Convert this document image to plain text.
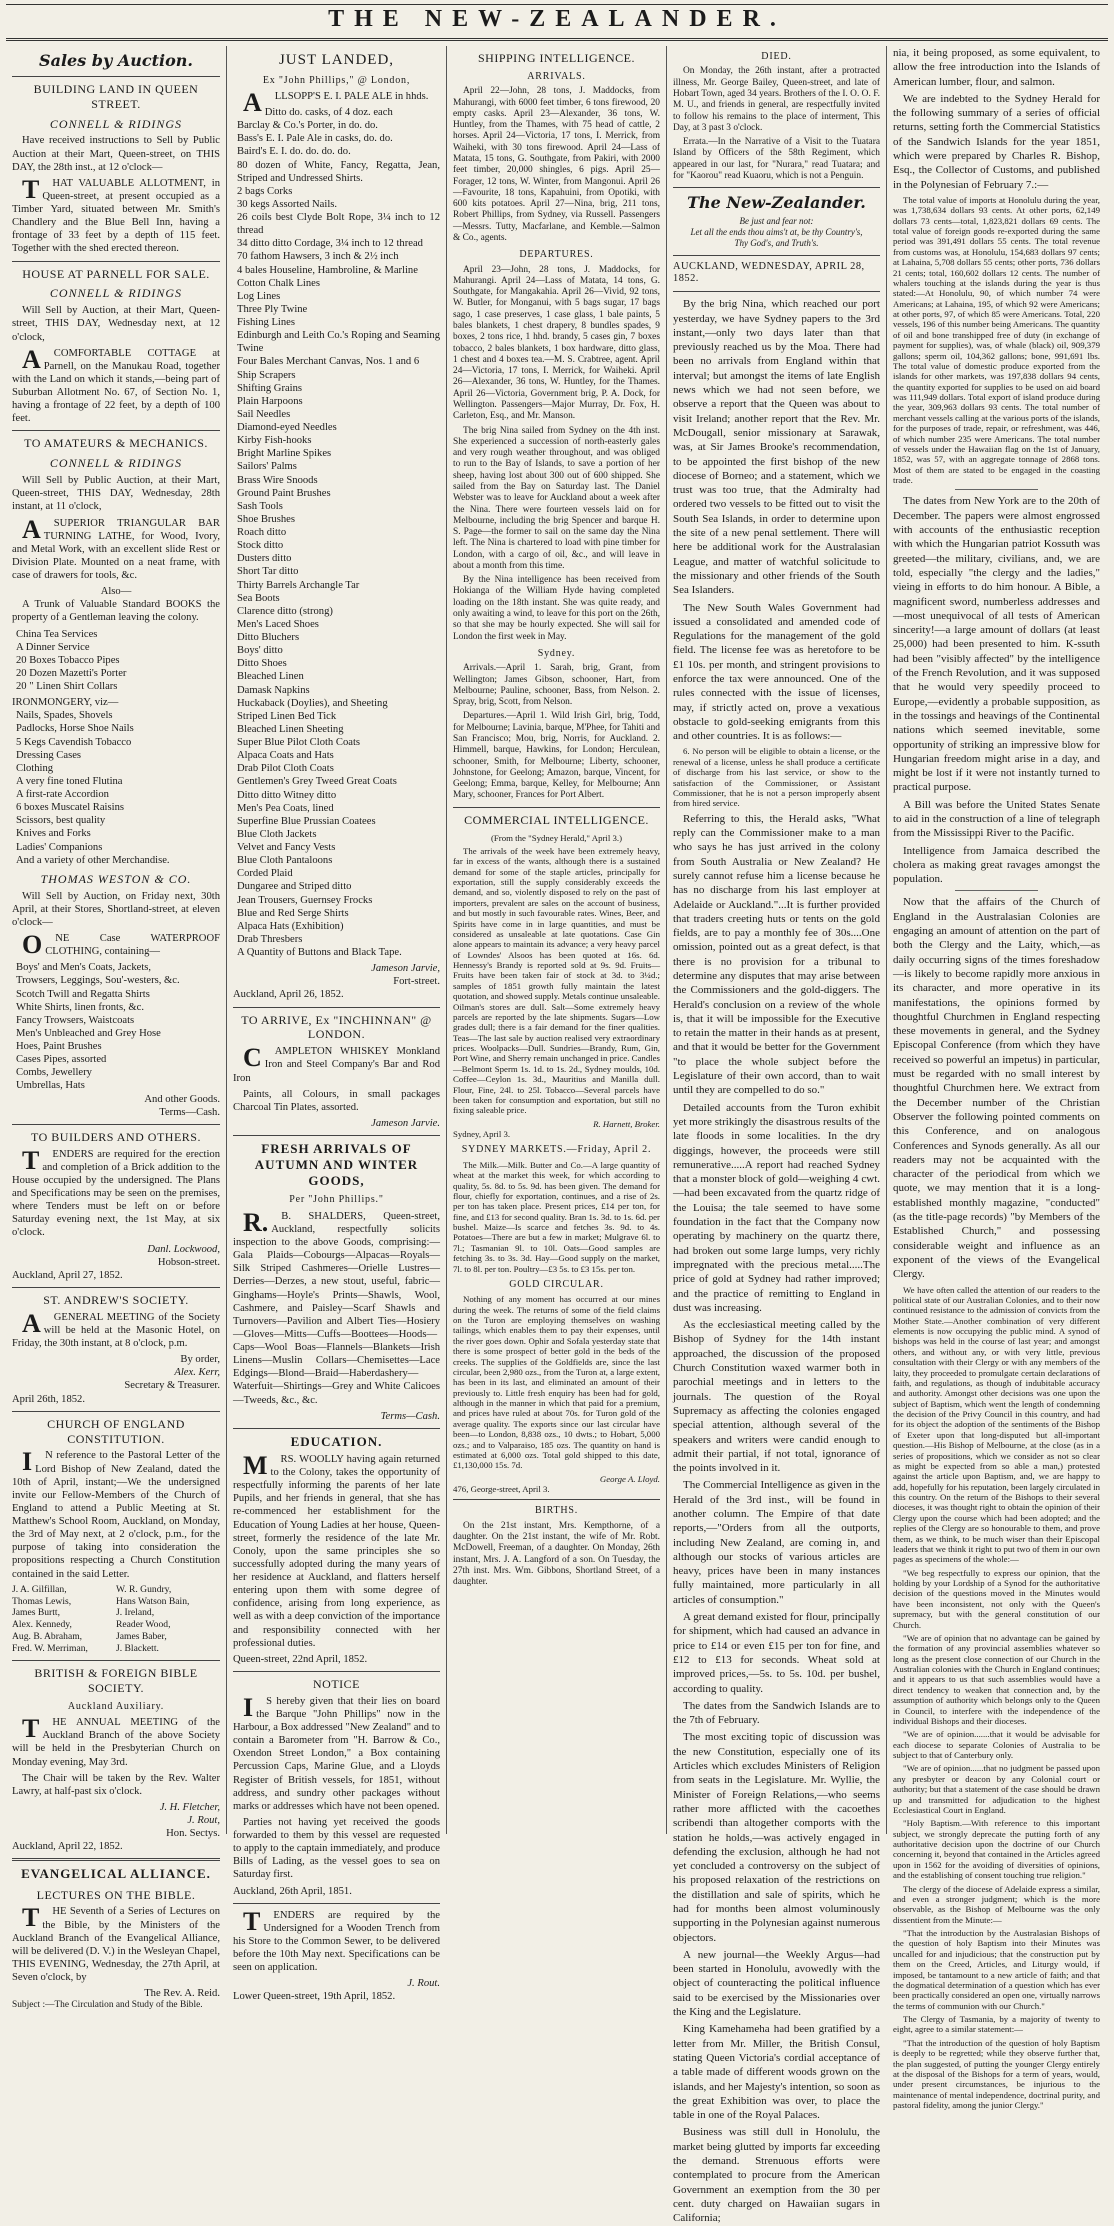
THE NEW-ZEALANDER.
Sales by Auction.
BUILDING LAND IN QUEEN STREET.
CONNELL & RIDINGS

Have received instructions to Sell by Public Auction at their Mart, Queen-street, on THIS DAY, the 28th inst., at 12 o'clock—

THAT VALUABLE ALLOTMENT, in Queen-street, at present occupied as a Timber Yard, situated between Mr. Smith's Chandlery and the Blue Bell Inn, having a frontage of 33 feet by a depth of 115 feet. Together with the shed erected thereon.

HOUSE AT PARNELL FOR SALE.
CONNELL & RIDINGS

Will Sell by Auction, at their Mart, Queen-street, THIS DAY, Wednesday next, at 12 o'clock,

ACOMFORTABLE COTTAGE at Parnell, on the Manukau Road, together with the Land on which it stands,—being part of Suburban Allotment No. 67, of Section No. 1, having a frontage of 22 feet, by a depth of 100 feet.

TO AMATEURS & MECHANICS.
CONNELL & RIDINGS

Will Sell by Public Auction, at their Mart, Queen-street, THIS DAY, Wednesday, 28th instant, at 11 o'clock,

ASUPERIOR TRIANGULAR BAR TURNING LATHE, for Wood, Ivory, and Metal Work, with an excellent slide Rest or Division Plate. Mounted on a neat frame, with case of drawers for tools, &c.

Also—

A Trunk of Valuable Standard BOOKS the property of a Gentleman leaving the colony.

China Tea Services
A Dinner Service
20 Boxes Tobacco Pipes
20 Dozen Mazetti's Porter
20 " Linen Shirt Collars
IRONMONGERY, viz—
Nails, Spades, Shovels
Padlocks, Horse Shoe Nails
5 Kegs Cavendish Tobacco
Dressing Cases
Clothing
A very fine toned Flutina
A first-rate Accordion
6 boxes Muscatel Raisins
Scissors, best quality
Knives and Forks
Ladies' Companions
And a variety of other Merchandise.
THOMAS WESTON & CO.

Will Sell by Auction, on Friday next, 30th April, at their Stores, Shortland-street, at eleven o'clock—

ONE Case WATERPROOF CLOTHING, containing—

Boys' and Men's Coats, Jackets,
Trowsers, Leggings, Sou'-westers, &c.
Scotch Twill and Regatta Shirts
White Shirts, linen fronts, &c.
Fancy Trowsers, Waistcoats
Men's Unbleached and Grey Hose
Hoes, Paint Brushes
Cases Pipes, assorted
Combs, Jewellery
Umbrellas, Hats
And other Goods.
Terms—Cash.
TO BUILDERS AND OTHERS.

TENDERS are required for the erection and completion of a Brick addition to the House occupied by the undersigned. The Plans and Specifications may be seen on the premises, where Tenders must be left on or before Saturday evening next, the 1st May, at six o'clock.

Danl. Lockwood,
Hobson-street.
Auckland, April 27, 1852.
ST. ANDREW'S SOCIETY.

AGENERAL MEETING of the Society will be held at the Masonic Hotel, on Friday, the 30th instant, at 8 o'clock, p.m.

By order,
Alex. Kerr,
Secretary & Treasurer.
April 26th, 1852.
CHURCH OF ENGLAND CONSTITUTION.

IN reference to the Pastoral Letter of the Lord Bishop of New Zealand, dated the 10th of April, instant;—We the undersigned invite our Fellow-Members of the Church of England to attend a Public Meeting at St. Matthew's School Room, Auckland, on Monday, the 3rd of May next, at 2 o'clock, p.m., for the purpose of taking into consideration the propositions respecting a Church Constitution contained in the said Letter.

J. A. Gilfillan,	W. R. Gundry,
Thomas Lewis,	Hans Watson Bain,
James Burtt,	J. Ireland,
Alex. Kennedy,	Reader Wood,
Aug. B. Abraham,	James Baber,
Fred. W. Merriman,	J. Blackett.
BRITISH & FOREIGN BIBLE SOCIETY.
Auckland Auxiliary.

THE ANNUAL MEETING of the Auckland Branch of the above Society will be held in the Presbyterian Church on Monday evening, May 3rd.

The Chair will be taken by the Rev. Walter Lawry, at half-past six o'clock.

J. H. Fletcher,
J. Rout,
Hon. Sectys.
Auckland, April 22, 1852.
EVANGELICAL ALLIANCE.
LECTURES ON THE BIBLE.

THE Seventh of a Series of Lectures on the Bible, by the Ministers of the Auckland Branch of the Evangelical Alliance, will be delivered (D. V.) in the Wesleyan Chapel, THIS EVENING, Wednesday, the 27th April, at Seven o'clock, by

The Rev. A. Reid.
Subject :—The Circulation and Study of the Bible.
JUST LANDED,
Ex "John Phillips," @ London,

ALLSOPP'S E. I. PALE ALE in hhds.

Ditto do. casks, of 4 doz. each
Barclay & Co.'s Porter, in do. do.
Bass's E. I. Pale Ale in casks, do. do.
Baird's E. I. do. do. do. do.
80 dozen of White, Fancy, Regatta, Jean, Striped and Undressed Shirts.
2 bags Corks
30 kegs Assorted Nails.
26 coils best Clyde Bolt Rope, 3¼ inch to 12 thread
34 ditto ditto Cordage, 3¼ inch to 12 thread
70 fathom Hawsers, 3 inch & 2½ inch
4 bales Houseline, Hambroline, & Marline
Cotton Chalk Lines
Log Lines
Three Ply Twine
Fishing Lines
Edinburgh and Leith Co.'s Roping and Seaming Twine
Four Bales Merchant Canvas, Nos. 1 and 6
Ship Scrapers
Shifting Grains
Plain Harpoons
Sail Needles
Diamond-eyed Needles
Kirby Fish-hooks
Bright Marline Spikes
Sailors' Palms
Brass Wire Snoods
Ground Paint Brushes
Sash Tools
Shoe Brushes
Roach ditto
Stock ditto
Dusters ditto
Short Tar ditto
Thirty Barrels Archangle Tar
Sea Boots
Clarence ditto (strong)
Men's Laced Shoes
Ditto Bluchers
Boys' ditto
Ditto Shoes
Bleached Linen
Damask Napkins
Huckaback (Doylies), and Sheeting
Striped Linen Bed Tick
Bleached Linen Sheeting
Super Blue Pilot Cloth Coats
Alpaca Coats and Hats
Drab Pilot Cloth Coats
Gentlemen's Grey Tweed Great Coats
Ditto ditto Witney ditto
Men's Pea Coats, lined
Superfine Blue Prussian Coatees
Blue Cloth Jackets
Velvet and Fancy Vests
Blue Cloth Pantaloons
Corded Plaid
Dungaree and Striped ditto
Jean Trousers, Guernsey Frocks
Blue and Red Serge Shirts
Alpaca Hats (Exhibition)
Drab Thresbers
A Quantity of Buttons and Black Tape.
Jameson Jarvie,
Fort-street.
Auckland, April 26, 1852.
TO ARRIVE, Ex "INCHINNAN" @ LONDON.

CAMPLETON WHISKEY Monkland Iron and Steel Company's Bar and Rod Iron

Paints, all Colours, in small packages Charcoal Tin Plates, assorted.

Jameson Jarvie.
FRESH ARRIVALS OF AUTUMN AND WINTER GOODS,
Per "John Phillips."

R.B. SHALDERS, Queen-street, Auckland, respectfully solicits inspection to the above Goods, comprising:—Gala Plaids—Cobourgs—Alpacas—Royals—Silk Striped Cashmeres—Orielle Lustres—Derries—Derzes, a new stout, useful, fabric—Ginghams—Hoyle's Prints—Shawls, Wool, Cashmere, and Paisley—Scarf Shawls and Turnovers—Pavilion and Albert Ties—Hosiery—Gloves—Mitts—Cuffs—Boottees—Hoods—Caps—Wool Boas—Flannels—Blankets—Irish Linens—Muslin Collars—Chemisettes—Lace Edgings—Blond—Braid—Haberdashery—Waterfuit—Shirtings—Grey and White Calicoes—Tweeds, &c., &c.

Terms—Cash.
EDUCATION.

MRS. WOOLLY having again returned to the Colony, takes the opportunity of respectfully informing the parents of her late Pupils, and her friends in general, that she has re-commenced her establishment for the Education of Young Ladies at her house, Queen-street, formerly the residence of the late Mr. Conoly, upon the same principles she so successfully adopted during the many years of her residence at Auckland, and flatters herself entering upon them with some degree of confidence, arising from long experience, as well as with a deep conviction of the importance and responsibility connected with her professional duties.

Queen-street, 22nd April, 1852.
NOTICE

IS hereby given that their lies on board the Barque "John Phillips" now in the Harbour, a Box addressed "New Zealand" and to contain a Barometer from "H. Barrow & Co., Oxendon Street London," a Box containing Percussion Caps, Marine Glue, and a Lloyds Register of British vessels, for 1851, without address, and sundry other packages without marks or addresses which have not been opened.

Parties not having yet received the goods forwarded to them by this vessel are requested to apply to the captain immediately, and produce Bills of Lading, as the vessel goes to sea on Saturday first.

Auckland, 26th April, 1851.

TENDERS are required by the Undersigned for a Wooden Trench from his Store to the Common Sewer, to be delivered before the 10th May next. Specifications can be seen on application.

J. Rout.
Lower Queen-street, 19th April, 1852.
SHIPPING INTELLIGENCE.
ARRIVALS.

April 22—John, 28 tons, J. Maddocks, from Mahurangi, with 6000 feet timber, 6 tons firewood, 20 empty casks. April 23—Alexander, 36 tons, W. Huntley, from the Thames, with 75 head of cattle, 2 horses. April 24—Victoria, 17 tons, I. Merrick, from Waiheki, with 30 tons firewood. April 24—Lass of Matata, 15 tons, G. Southgate, from Pakiri, with 2000 feet timber, 20,000 shingles, 6 pigs. April 25—Forager, 12 tons, W. Winter, from Mangonui. April 26—Favourite, 18 tons, Kapahuini, from Opotiki, with 600 kits potatoes. April 27—Nina, brig, 211 tons, Robert Phillips, from Sydney, via Russell. Passengers—Messrs. Tutty, Macfarlane, and Kemble.—Salmon & Co., agents.

DEPARTURES.

April 23—John, 28 tons, J. Maddocks, for Mahurangi. April 24—Lass of Matata, 14 tons, G. Southgate, for Mangakahia. April 26—Vivid, 92 tons, W. Butler, for Monganui, with 5 bags sugar, 17 bags sago, 1 case preserves, 1 case glass, 1 bale paints, 5 bales blankets, 1 chest drapery, 8 bundles spades, 9 boxes, 2 tons rice, 1 hhd. brandy, 5 cases gin, 7 boxes tobacco, 2 bales blankets, 1 box hardware, ditto glass, 1 chest and 4 boxes tea.—M. S. Crabtree, agent. April 24—Victoria, 17 tons, I. Merrick, for Waiheki. April 26—Alexander, 36 tons, W. Huntley, for the Thames. April 26—Victoria, Government brig, P. A. Dock, for Wellington. Passengers—Major Murray, Dr. Fox, H. Carleton, Esq., and Mr. Manson.

The brig Nina sailed from Sydney on the 4th inst. She experienced a succession of north-easterly gales and very rough weather throughout, and was obliged to run to the Bay of Islands, to save a portion of her sheep, having lost about 300 out of 600 shipped. She sailed from the Bay on Saturday last. The Daniel Webster was to leave for Auckland about a week after the Nina. There were fourteen vessels laid on for Melbourne, including the brig Spencer and barque H. S. Page—the former to sail on the same day the Nina left. The Nina is chartered to load with pine timber for London, with a cargo of oil, &c., and will leave in about a month from this time.

By the Nina intelligence has been received from Hokianga of the William Hyde having completed loading on the 18th instant. She was quite ready, and only awaiting a wind, to leave for this port on the 26th, so that she may be hourly expected. She will sail for London the first week in May.

Sydney.

Arrivals.—April 1. Sarah, brig, Grant, from Wellington; James Gibson, schooner, Hart, from Melbourne; Pauline, schooner, Bass, from Nelson. 2. Spray, brig, Scott, from Nelson.

Departures.—April 1. Wild Irish Girl, brig, Todd, for Melbourne; Lavinia, barque, M'Phee, for Tahiti and San Francisco; Mou, brig, Norris, for Auckland. 2. Himmell, barque, Hawkins, for London; Herculean, schooner, Smith, for Melbourne; Liberty, schooner, Johnstone, for Geelong; Amazon, barque, Vincent, for Geelong; Emma, barque, Kelley, for Melbourne; Ann Mary, schooner, Frances for Port Albert.

COMMERCIAL INTELLIGENCE.
(From the "Sydney Herald," April 3.)

The arrivals of the week have been extremely heavy, far in excess of the wants, although there is a sustained demand for some of the staple articles, principally for exportation, still the supply considerably exceeds the demand, and so, violently disposed to rely on the past of importers, prevalent are sales on the account of business, and but mostly in such favourable rates. Wines, Beer, and Spirits have come in in large quantities, and must be considered as unsaleable at late quotations. Case Gin alone appears to maintain its advance; a very heavy parcel of Lowndes' Alsoos has been quoted at 16s. 6d. Hennessy's Brandy is reported sold at 9s. 9d. Fruits—Fruits have been taken fair of stock at 3d. to 3¼d.; samples of 1851 growth fully maintain the latest quotation, and showed supply. Metals continue unsaleable. Oilman's stores are dull. Salt—Some extremely heavy parcels are reported by the late shipments. Sugars—Low grades dull; there is a fair demand for the finer qualities. Teas—The last sale by auction realised very extraordinary prices. Woolpacks—Dull. Sundries—Brandy, Rum, Gin, Port Wine, and Sherry remain unchanged in price. Candles—Belmont Sperm 1s. 1d. to 1s. 2d., Sydney moulds, 10d. Coffee—Ceylon 1s. 3d., Mauritius and Manilla dull. Flour, Fine, 24l. to 25l. Tobacco—Several parcels have been taken for consumption and exportation, but still no fixing saleable price.

R. Harnett, Broker.
Sydney, April 3.
SYDNEY MARKETS.—Friday, April 2.

The Milk.—Milk. Butter and Co.—A large quantity of wheat at the market this week, for which according to quality, 5s. 8d. to 5s. 9d. has been given. The demand for flour, chiefly for exportation, continues, and a rise of 2s. per ton has taken place. Present prices, £14 per ton, for fine, and £13 for second quality. Bran 1s. 3d. to 1s. 6d. per bushel. Maize—Is scarce and fetches 3s. 9d. to 4s. Potatoes—There are but a few in market; Mulgrave 6l. to 7l.; Tasmanian 9l. to 10l. Oats—Good samples are fetching 3s. to 3s. 3d. Hay—Good supply on the market, 7l. to 8l. per ton. Poultry—£3 5s. to £3 15s. per ton.

GOLD CIRCULAR.

Nothing of any moment has occurred at our mines during the week. The returns of some of the field claims on the Turon are employing themselves on washing tailings, which enables them to pay their expenses, until the river goes down. Ophir and Sofala yesterday state that there is some prospect of better gold in the beds of the creeks. The supplies of the Goldfields are, since the last circular, been 2,980 ozs., from the Turon at, a large extent, has been in its last, and eliminated an amount of their previously to. Little fresh enquiry has been had for gold, although in the manner in which that paid for a premium, and prices have ruled at about 70s. for Turon gold of the average quality. The exports since our last circular have been—to London, 8,838 ozs., 10 dwts.; to Hobart, 5,000 ozs.; and to Valparaiso, 185 ozs. The quantity on hand is estimated at 6,000 ozs. Total gold shipped to this date, £1,130,000 15s. 7d.

George A. Lloyd.
476, George-street, April 3.
BIRTHS.

On the 21st instant, Mrs. Kempthorne, of a daughter. On the 21st instant, the wife of Mr. Robt. McDowell, Freeman, of a daughter. On Monday, 26th instant, Mrs. J. A. Langford of a son. On Tuesday, the 27th inst. Mrs. Wm. Gibbons, Shortland Street, of a daughter.

DIED.

On Monday, the 26th instant, after a protracted illness, Mr. George Bailey, Queen-street, and late of Hobart Town, aged 34 years. Brothers of the I. O. O. F. M. U., and friends in general, are respectfully invited to follow his remains to the place of interment, This Day, at 3 past 3 o'clock.

Errata.—In the Narrative of a Visit to the Tuatara Island by Officers of the 58th Regiment, which appeared in our last, for "Nurara," read Tuatara; and for "Kaorou" read Kuaoru, which is not a Penguin.

The New-Zealander.
Be just and fear not:
Let all the ends thou aims't at, be thy Country's,
Thy God's, and Truth's.
AUCKLAND, WEDNESDAY, APRIL 28, 1852.

By the brig Nina, which reached our port yesterday, we have Sydney papers to the 3rd instant,—only two days later than that previously reached us by the Moa. There had been no arrivals from England within that interval; but amongst the items of late English news which we had not seen before, we observe a report that the Queen was about to visit Ireland; another report that the Rev. Mr. McDougall, senior missionary at Sarawak, was, at Sir James Brooke's recommendation, to be appointed the first bishop of the new diocese of Borneo; and a statement, which we trust was too true, that the Admiralty had ordered two vessels to be fitted out to visit the South Sea Islands, in order to determine upon the site of a new penal settlement. There will here be additional work for the Australasian League, and matter of watchful solicitude to the missionary and other friends of the South Sea Islanders.

The New South Wales Government had issued a consolidated and amended code of Regulations for the management of the gold field. The license fee was as heretofore to be £1 10s. per month, and stringent provisions to enforce the tax were announced. One of the rules connected with the issue of licenses, may, if strictly acted on, prove a vexatious obstacle to gold-seeking emigrants from this and other countries. It is as follows:—

6. No person will be eligible to obtain a license, or the renewal of a license, unless he shall produce a certificate of discharge from his last service, or show to the satisfaction of the Commissioner, or Assistant Commissioner, that he is not a person improperly absent from hired service.

Referring to this, the Herald asks, "What reply can the Commissioner make to a man who says he has just arrived in the colony from South Australia or New Zealand? He surely cannot refuse him a license because he has no discharge from his last employer at Adelaide or Auckland."...It is further provided that traders creeting huts or tents on the gold fields, are to pay a monthly fee of 30s....One omission, pointed out as a great defect, is that there is no provision for a tribunal to determine any disputes that may arise between the Commissioners and the gold-diggers. The Herald's conclusion on a review of the whole is, that it will be impossible for the Executive to retain the matter in their hands as at present, and that it would be better for the Government "to place the whole subject before the Legislature of their own accord, than to wait until they are compelled to do so."

Detailed accounts from the Turon exhibit yet more strikingly the disastrous results of the late floods in some localities. In the dry diggings, however, the proceeds were still remunerative.....A report had reached Sydney that a monster block of gold—weighing 4 cwt.—had been excavated from the quartz ridge of the Louisa; the tale seemed to have some foundation in the fact that the Company now operating by machinery on the quartz there, had broken out some large lumps, very richly impregnated with the precious metal.....The price of gold at Sydney had rather improved; and the practice of remitting to England in dust was increasing.

As the ecclesiastical meeting called by the Bishop of Sydney for the 14th instant approached, the discussion of the proposed Church Constitution waxed warmer both in parochial meetings and in letters to the journals. The question of the Royal Supremacy as affecting the colonies engaged special attention, although several of the speakers and writers were candid enough to admit their partial, if not total, ignorance of the points involved in it.

The Commercial Intelligence as given in the Herald of the 3rd inst., will be found in another column. The Empire of that date reports,—"Orders from all the outports, including New Zealand, are coming in, and although our stocks of various articles are heavy, prices have been in many instances fully maintained, more particularly in all articles of consumption."

A great demand existed for flour, principally for shipment, which had caused an advance in price to £14 or even £15 per ton for fine, and £12 to £13 for seconds. Wheat sold at improved prices,—5s. to 5s. 10d. per bushel, according to quality.

The dates from the Sandwich Islands are to the 7th of February.

The most exciting topic of discussion was the new Constitution, especially one of its Articles which excludes Ministers of Religion from seats in the Legislature. Mr. Wyllie, the Minister of Foreign Relations,—who seems rather more afflicted with the cacoethes scribendi than altogether comports with the station he holds,—was actively engaged in defending the exclusion, although he had not yet concluded a controversy on the subject of his proposed relaxation of the restrictions on the distillation and sale of spirits, which he had for months been almost voluminously supporting in the Polynesian against numerous objectors.

A new journal—the Weekly Argus—had been started in Honolulu, avowedly with the object of counteracting the political influence said to be exercised by the Missionaries over the King and the Legislature.

King Kamehameha had been gratified by a letter from Mr. Miller, the British Consul, stating Queen Victoria's cordial acceptance of a table made of different woods grown on the islands, and her Majesty's intention, so soon as the great Exhibition was over, to place the table in one of the Royal Palaces.

Business was still dull in Honolulu, the market being glutted by imports far exceeding the demand. Strenuous efforts were contemplated to procure from the American Government an exemption from the 30 per cent. duty charged on Hawaiian sugars in California;

nia, it being proposed, as some equivalent, to allow the free introduction into the Islands of American lumber, flour, and salmon.

We are indebted to the Sydney Herald for the following summary of a series of official returns, setting forth the Commercial Statistics of the Sandwich Islands for the year 1851, which were prepared by Charles R. Bishop, Esq., the Collector of Customs, and published in the Polynesian of February 7.:—

The total value of imports at Honolulu during the year, was 1,738,634 dollars 93 cents. At other ports, 62,149 dollars 73 cents—total, 1,823,821 dollars 69 cents. The total value of foreign goods re-exported during the same period was 391,491 dollars 55 cents. The total revenue from customs was, at Honolulu, 154,683 dollars 97 cents; at Lahaina, 5,708 dollars 55 cents; other ports, 736 dollars 21 cents; total, 160,602 dollars 12 cents. The number of whalers touching at the islands during the year is thus stated:—At Honolulu, 90, of which number 74 were Americans; at Lahaina, 195, of which 92 were Americans; at other ports, 97, of which 85 were Americans. Total, 220 vessels, 196 of this number being Americans. The quantity of oil and bone transhipped free of duty (in exchange of payment for supplies), was, of whale (black) oil, 909,379 gallons; sperm oil, 104,362 gallons; bone, 991,691 lbs. The total value of domestic produce exported from the islands for other markets, was 197,838 dollars 94 cents, the quantity exported for supplies to be used on aid board was 111,949 dollars. Total export of island produce during the year, 309,963 dollars 93 cents. The total number of merchant vessels calling at the various ports of the islands, for the purposes of trade, repair, or refreshment, was 446, of which number 235 were Americans. The total number of vessels under the Hawaiian flag on the 1st of January, 1852, was 57, with an aggregate tonnage of 2868 tons. Most of them are stated to be engaged in the coasting trade.

The dates from New York are to the 20th of December. The papers were almost engrossed with accounts of the enthusiastic reception with which the Hungarian patriot Kossuth was greeted—the military, civilians, and, we are told, especially "the clergy and the ladies," vieing in efforts to do him honour. A Bible, a magnificent sword, numberless addresses and—most unequivocal of all tests of American sincerity!—a large amount of dollars (at least 25,000) had been presented to him. K-ssuth had been "visibly affected" by the intelligence of the French Revolution, and it was supposed that he would very speedily proceed to Europe,—evidently a probable supposition, as in the tossings and heavings of the Continental nations which seemed inevitable, some opportunity of striking an impressive blow for Hungarian freedom might arise in a day, and might be lost if it were not instantly turned to practical purpose.

A Bill was before the United States Senate to aid in the construction of a line of telegraph from the Mississippi River to the Pacific.

Intelligence from Jamaica described the cholera as making great ravages amongst the population.

Now that the affairs of the Church of England in the Australasian Colonies are engaging an amount of attention on the part of both the Clergy and the Laity, which,—as daily occurring signs of the times foreshadow—is likely to become rapidly more anxious in its character, and more operative in its manifestations, the opinions formed by thoughtful Churchmen in England respecting these movements in general, and the Sydney Episcopal Conference (from which they have received so powerful an impetus) in particular, must be regarded with no small interest by thoughtful Churchmen here. We extract from the December number of the Christian Observer the following pointed comments on this Conference, and on analogous Conferences and Synods generally. As all our readers may not be acquainted with the character of the periodical from which we quote, we may mention that it is a long-established monthly magazine, "conducted" (as the title-page records) "by Members of the Established Church," and possessing considerable weight and influence as an exponent of the views of the Evangelical Clergy.

We have often called the attention of our readers to the political state of our Australian Colonies, and to their now continued resistance to the admission of convicts from the Mother State.—Another combination of very different elements is now occupying the public mind. A synod of bishops was held in the course of last year; and amongst others, and without any, or with very little, previous consultation with their Clergy or with any members of the laity, they proceeded to promulgate certain declarations of faith, and regulations, as though of indubitable accuracy and authority. Amongst other decisions was one upon the subject of Baptism, which went the length of condemning the decision of the Privy Council in this country, and had for its object the adoption of the sentiments of the Bishop of Exeter upon that long-disputed but all-important question.—His Bishop of Melbourne, at the close (as in a series of propositions, which we consider as not so clear as might be expected from so able a man,) protested against the article upon Baptism, and, we are happy to add, hopefully for his reputation, been largely circulated in this country. On the return of the Bishops to their several dioceses, it was thought right to obtain the opinion of their Clergy upon the course which had been adopted; and the replies of the Clergy are so honourable to them, and prove them, as we think, to be much wiser than their Episcopal leaders that we think it right to put two of them in our own pages as specimens of the whole:—

"We beg respectfully to express our opinion, that the holding by your Lordship of a Synod for the authoritative decision of the questions moved in the Minutes would have been inconsistent, not only with the Queen's supremacy, but with the general constitution of our Church.

"We are of opinion that no advantage can be gained by the formation of any provincial assemblies whatever so long as the present close connection of our Church in the Australian colonies with the Church in England continues; and it appears to us that such assemblies would have a direct tendency to weaken that connection and, by the assumption of authority which belongs only to the Queen in Council, to interfere with the independence of the individual Bishops and their dioceses.

"We are of opinion.......that it would be advisable for each diocese to separate Colonies of Australia to be subject to that of Canterbury only.

"We are of opinion......that no judgment be passed upon any presbyter or deacon by any Colonial court or authority; but that a statement of the case should be drawn up and transmitted for adjudication to the highest Ecclesiastical Court in England.

"Holy Baptism.—With reference to this important subject, we strongly deprecate the putting forth of any authoritative decision upon the doctrine of our Church concerning it, beyond that contained in the Articles agreed upon in 1562 for the avoiding of diversities of opinions, and the establishing of consent touching true religion."

The clergy of the diocese of Adelaide express a similar, and even a stronger judgment; which is the more observable, as the Bishop of Melbourne was the only dissentient from the Minute:—

"That the introduction by the Australasian Bishops of the question of holy Baptism into their Minutes was uncalled for and injudicious; that the construction put by them on the Creed, Articles, and Liturgy would, if imposed, be tantamount to a new article of faith; and that the dogmatical determination of a question which has ever been practically considered an open one, virtually narrows the terms of communion with our Church."

The Clergy of Tasmania, by a majority of twenty to eight, agree to a similar statement:—

"That the introduction of the question of holy Baptism is deeply to be regretted; while they observe further that, the plan suggested, of putting the younger Clergy entirely at the disposal of the Bishops for a term of years, would, under present circumstances, be injurious to the maintenance of mental independence, doctrinal purity, and pastoral fidelity, among the junior Clergy."
